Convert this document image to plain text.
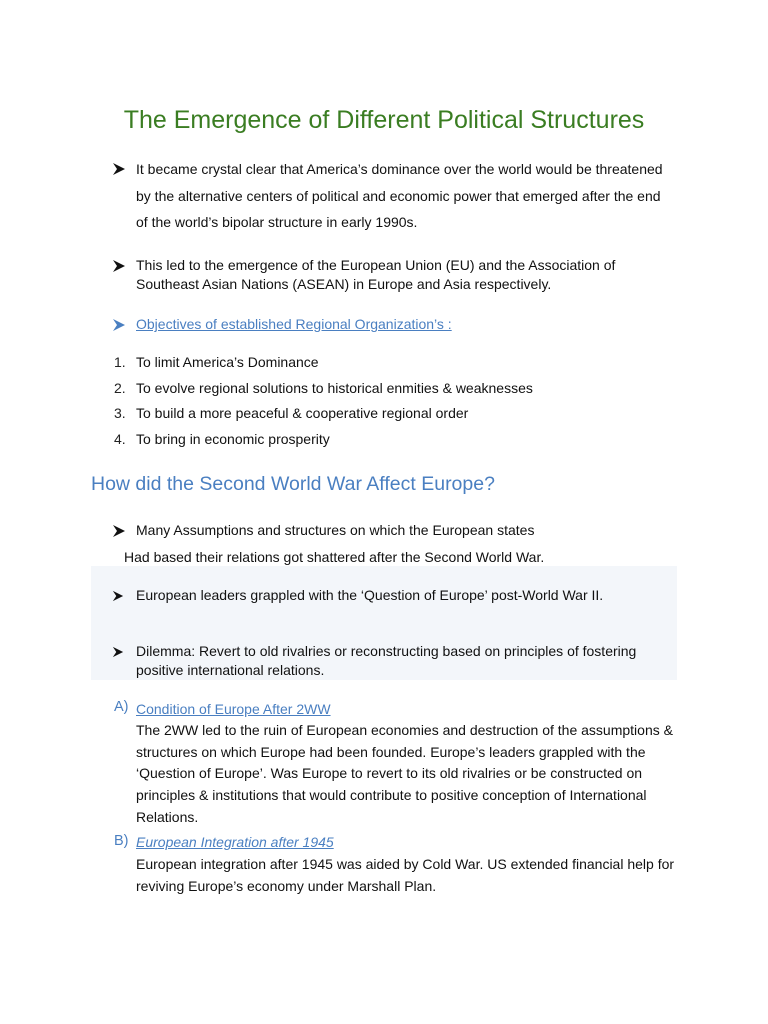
The Emergence of Different Political Structures
It became crystal clear that America’s dominance over the world would be threatened by the alternative centers of political and economic power that emerged after the end of the world’s bipolar structure in early 1990s.
This led to the emergence of the European Union (EU) and the Association of Southeast Asian Nations (ASEAN) in Europe and Asia respectively.
Objectives of established Regional Organization’s :
1. To limit America’s Dominance
2. To evolve regional solutions to historical enmities & weaknesses
3. To build a more peaceful & cooperative regional order
4. To bring in economic prosperity
How did the Second World War Affect Europe?
Many Assumptions and structures on which the European states
Had based their relations got shattered after the Second World War.
European leaders grappled with the ‘Question of Europe’ post-World War II.
Dilemma: Revert to old rivalries or reconstructing based on principles of fostering positive international relations.
A) Condition of Europe After 2WW
The 2WW led to the ruin of European economies and destruction of the assumptions & structures on which Europe had been founded. Europe’s leaders grappled with the ‘Question of Europe’. Was Europe to revert to its old rivalries or be constructed on principles & institutions that would contribute to positive conception of International Relations.
B) European Integration after 1945
European integration after 1945 was aided by Cold War. US extended financial help for reviving Europe’s economy under Marshall Plan.
